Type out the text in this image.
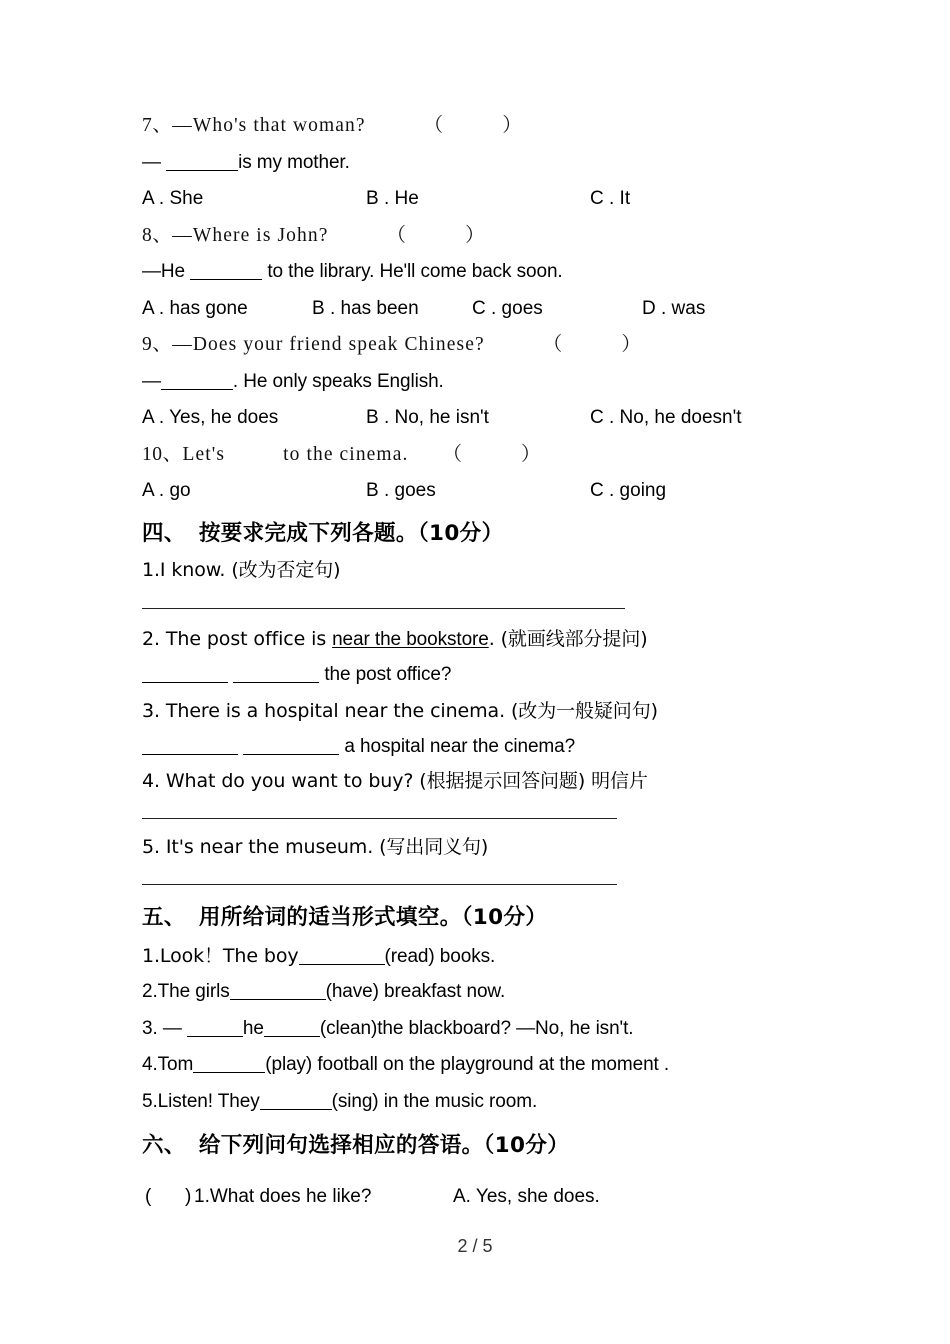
7、—Who's that woman?	（	）
—	is my mother.
A . She	B . He	C . It
8、—Where is John?	（	）
—He	to the library. He'll come back soon.
A . has gone	B . has been	C . goes	D . was
9、—Does your friend speak Chinese?	（	）
—	. He only speaks English.
A . Yes, he does	B . No, he isn't	C . No, he doesn't
10、Let's	to the cinema. （	）
A . go	B . goes	C . going
四、 按要求完成下列各题。（10分）
1.I know. (改为否定句)
2. The post office is near the bookstore. (就画线部分提问)
the post office?
3. There is a hospital near the cinema. (改为一般疑问句)
a hospital near the cinema?
4. What do you want to buy? (根据提示回答问题) 明信片
5. It's near the museum. (写出同义句)
五、 用所给词的适当形式填空。（10分）
1.Look！The boy	(read) books.
2.The girls	(have) breakfast now.
3. —	he	(clean)the blackboard? —No, he isn't.
4.Tom	(play) football on the playground at the moment .
5.Listen! They	(sing) in the music room.
六、 给下列问句选择相应的答语。（10分）
( ) 1.What does he like?	A. Yes, she does.
2 / 5
